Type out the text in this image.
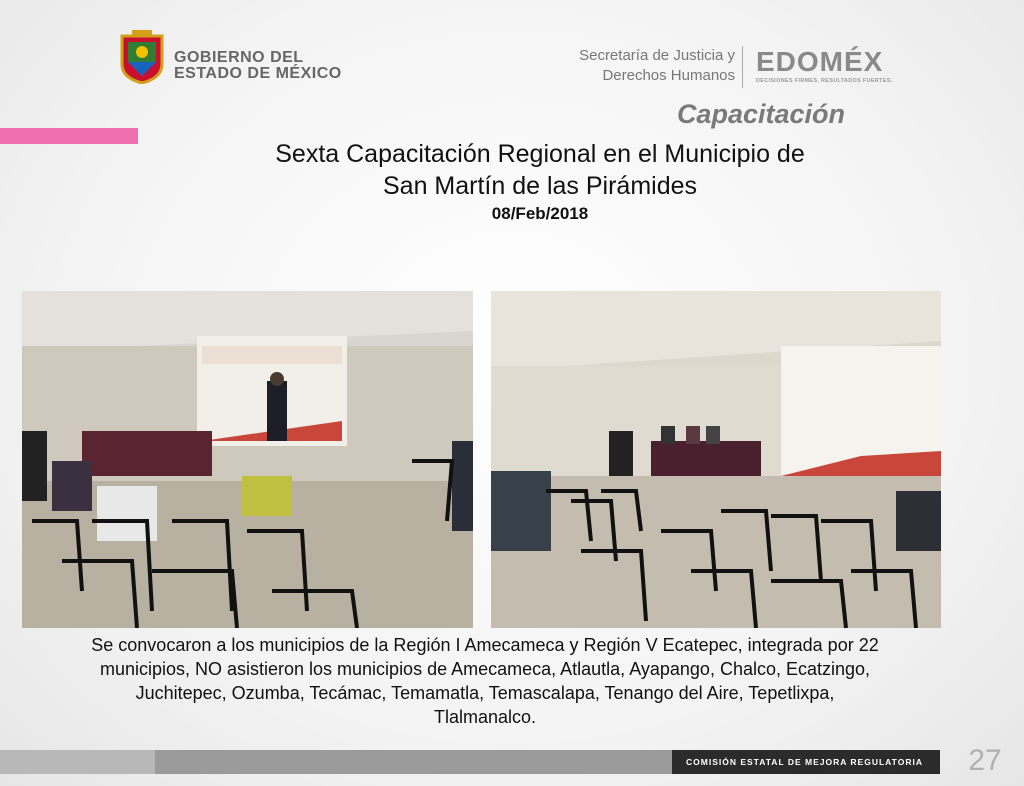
GOBIERNO DEL
ESTADO DE MÉXICO
Secretaría de Justicia y
Derechos Humanos EDOMÉX
DECISIONES FIRMES, RESULTADOS FUERTES.
Capacitación
Sexta Capacitación Regional en el Municipio de
San Martín de las Pirámides
08/Feb/2018
Se convocaron a los municipios de la Región I Amecameca y Región V Ecatepec, integrada por 22 municipios, NO asistieron los municipios de Amecameca, Atlautla, Ayapango, Chalco, Ecatzingo, Juchitepec, Ozumba, Tecámac, Temamatla, Temascalapa, Tenango del Aire, Tepetlixpa, Tlalmanalco.
COMISIÓN ESTATAL DE MEJORA REGULATORIA 27
